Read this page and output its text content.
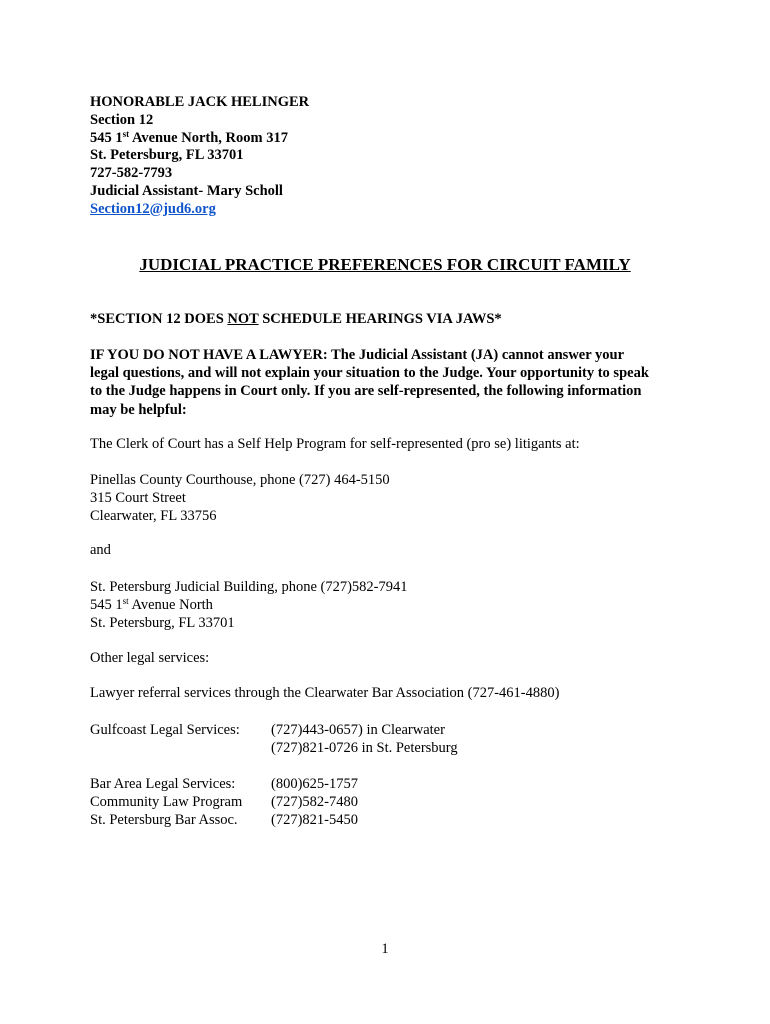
HONORABLE JACK HELINGER
Section 12
545 1st Avenue North, Room 317
St. Petersburg, FL 33701
727-582-7793
Judicial Assistant- Mary Scholl
Section12@jud6.org
JUDICIAL PRACTICE PREFERENCES FOR CIRCUIT FAMILY
*SECTION 12 DOES NOT SCHEDULE HEARINGS VIA JAWS*
IF YOU DO NOT HAVE A LAWYER: The Judicial Assistant (JA) cannot answer your
legal questions, and will not explain your situation to the Judge. Your opportunity to speak
to the Judge happens in Court only. If you are self-represented, the following information
may be helpful:
The Clerk of Court has a Self Help Program for self-represented (pro se) litigants at:
Pinellas County Courthouse, phone (727) 464-5150
315 Court Street
Clearwater, FL 33756
and
St. Petersburg Judicial Building, phone (727)582-7941
545 1st Avenue North
St. Petersburg, FL 33701
Other legal services:
Lawyer referral services through the Clearwater Bar Association (727-461-4880)
Gulfcoast Legal Services:	(727)443-0657) in Clearwater
(727)821-0726 in St. Petersburg
Bar Area Legal Services:
Community Law Program
St. Petersburg Bar Assoc.
(800)625-1757
(727)582-7480
(727)821-5450
1
